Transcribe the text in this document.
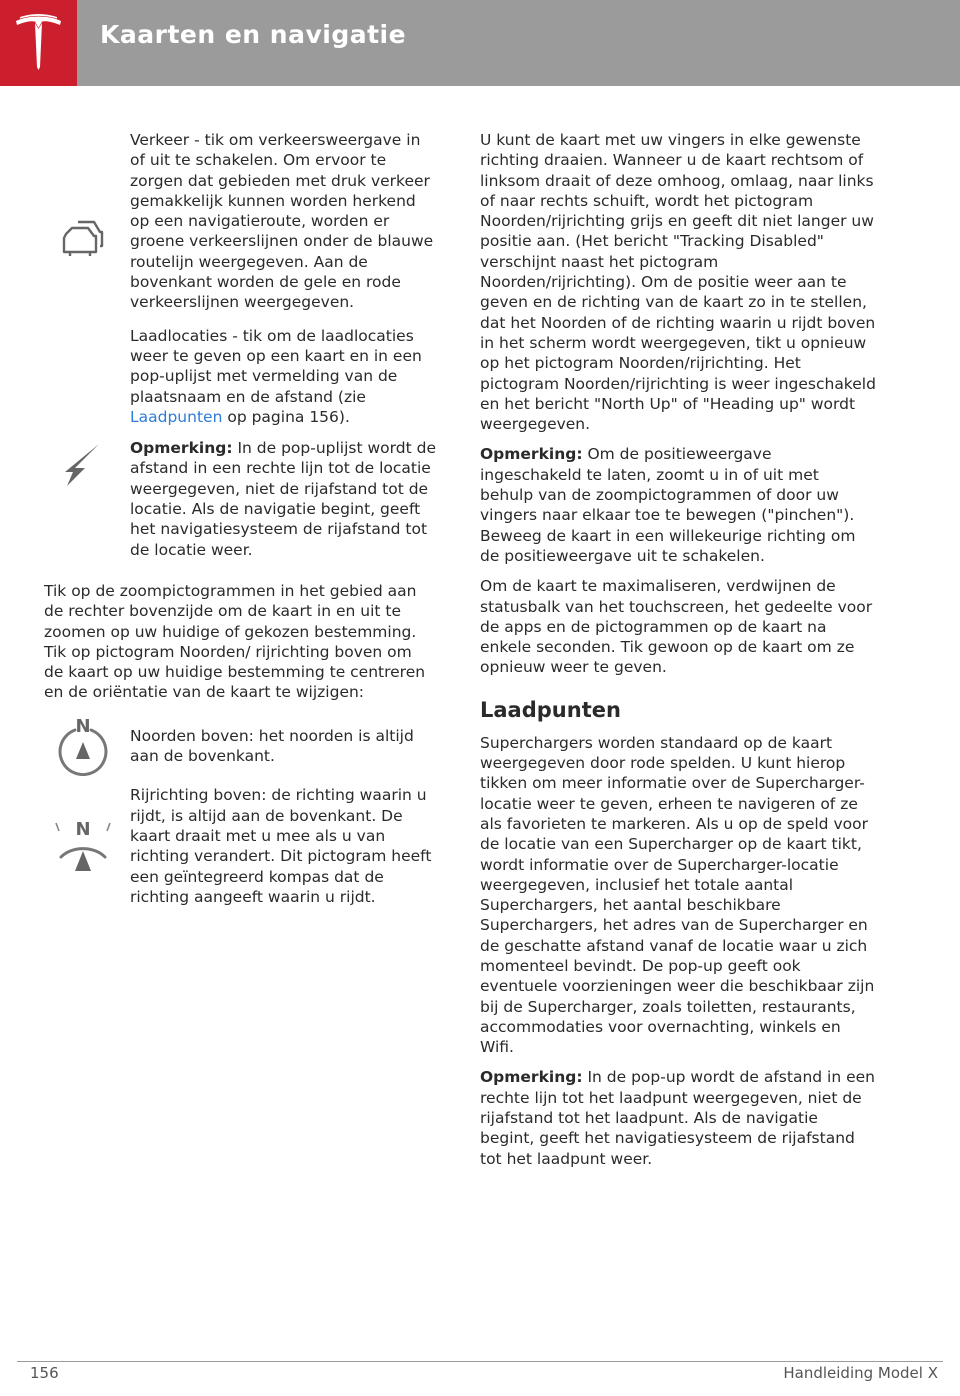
Kaarten en navigatie

Verkeer - tik om verkeersweergave in of uit te schakelen. Om ervoor te zorgen dat gebieden met druk verkeer gemakkelijk kunnen worden herkend op een navigatieroute, worden er groene verkeerslijnen onder de blauwe routelijn weergegeven. Aan de bovenkant worden de gele en rode verkeerslijnen weergegeven.

Laadlocaties - tik om de laadlocaties weer te geven op een kaart en in een pop-uplijst met vermelding van de plaatsnaam en de afstand (zie Laadpunten op pagina 156).

Opmerking: In de pop-uplijst wordt de afstand in een rechte lijn tot de locatie weergegeven, niet de rijafstand tot de locatie. Als de navigatie begint, geeft het navigatiesysteem de rijafstand tot de locatie weer.

Tik op de zoompictogrammen in het gebied aan de rechter bovenzijde om de kaart in en uit te zoomen op uw huidige of gekozen bestemming. Tik op pictogram Noorden/ rijrichting boven om de kaart op uw huidige bestemming te centreren en de oriëntatie van de kaart te wijzigen:

N	Noorden boven: het noorden is altijd aan de bovenkant.

N

Rijrichting boven: de richting waarin u rijdt, is altijd aan de bovenkant. De kaart draait met u mee als u van richting verandert. Dit pictogram heeft een geïntegreerd kompas dat de richting aangeeft waarin u rijdt.

U kunt de kaart met uw vingers in elke gewenste richting draaien. Wanneer u de kaart rechtsom of linksom draait of deze omhoog, omlaag, naar links of naar rechts schuift, wordt het pictogram Noorden/rijrichting grijs en geeft dit niet langer uw positie aan. (Het bericht "Tracking Disabled" verschijnt naast het pictogram Noorden/rijrichting). Om de positie weer aan te geven en de richting van de kaart zo in te stellen, dat het Noorden of de richting waarin u rijdt boven in het scherm wordt weergegeven, tikt u opnieuw op het pictogram Noorden/rijrichting. Het pictogram Noorden/rijrichting is weer ingeschakeld en het bericht "North Up" of "Heading up" wordt weergegeven.

Opmerking: Om de positieweergave ingeschakeld te laten, zoomt u in of uit met behulp van de zoompictogrammen of door uw vingers naar elkaar toe te bewegen ("pinchen"). Beweeg de kaart in een willekeurige richting om de positieweergave uit te schakelen.

Om de kaart te maximaliseren, verdwijnen de statusbalk van het touchscreen, het gedeelte voor de apps en de pictogrammen op de kaart na enkele seconden. Tik gewoon op de kaart om ze opnieuw weer te geven.

Laadpunten

Superchargers worden standaard op de kaart weergegeven door rode spelden. U kunt hierop tikken om meer informatie over de Supercharger-locatie weer te geven, erheen te navigeren of ze als favorieten te markeren. Als u op de speld voor de locatie van een Supercharger op de kaart tikt, wordt informatie over de Supercharger-locatie weergegeven, inclusief het totale aantal Superchargers, het aantal beschikbare Superchargers, het adres van de Supercharger en de geschatte afstand vanaf de locatie waar u zich momenteel bevindt. De pop-up geeft ook eventuele voorzieningen weer die beschikbaar zijn bij de Supercharger, zoals toiletten, restaurants, accommodaties voor overnachting, winkels en Wifi.

Opmerking: In de pop-up wordt de afstand in een rechte lijn tot het laadpunt weergegeven, niet de rijafstand tot het laadpunt. Als de navigatie begint, geeft het navigatiesysteem de rijafstand tot het laadpunt weer.

156	Handleiding Model X
